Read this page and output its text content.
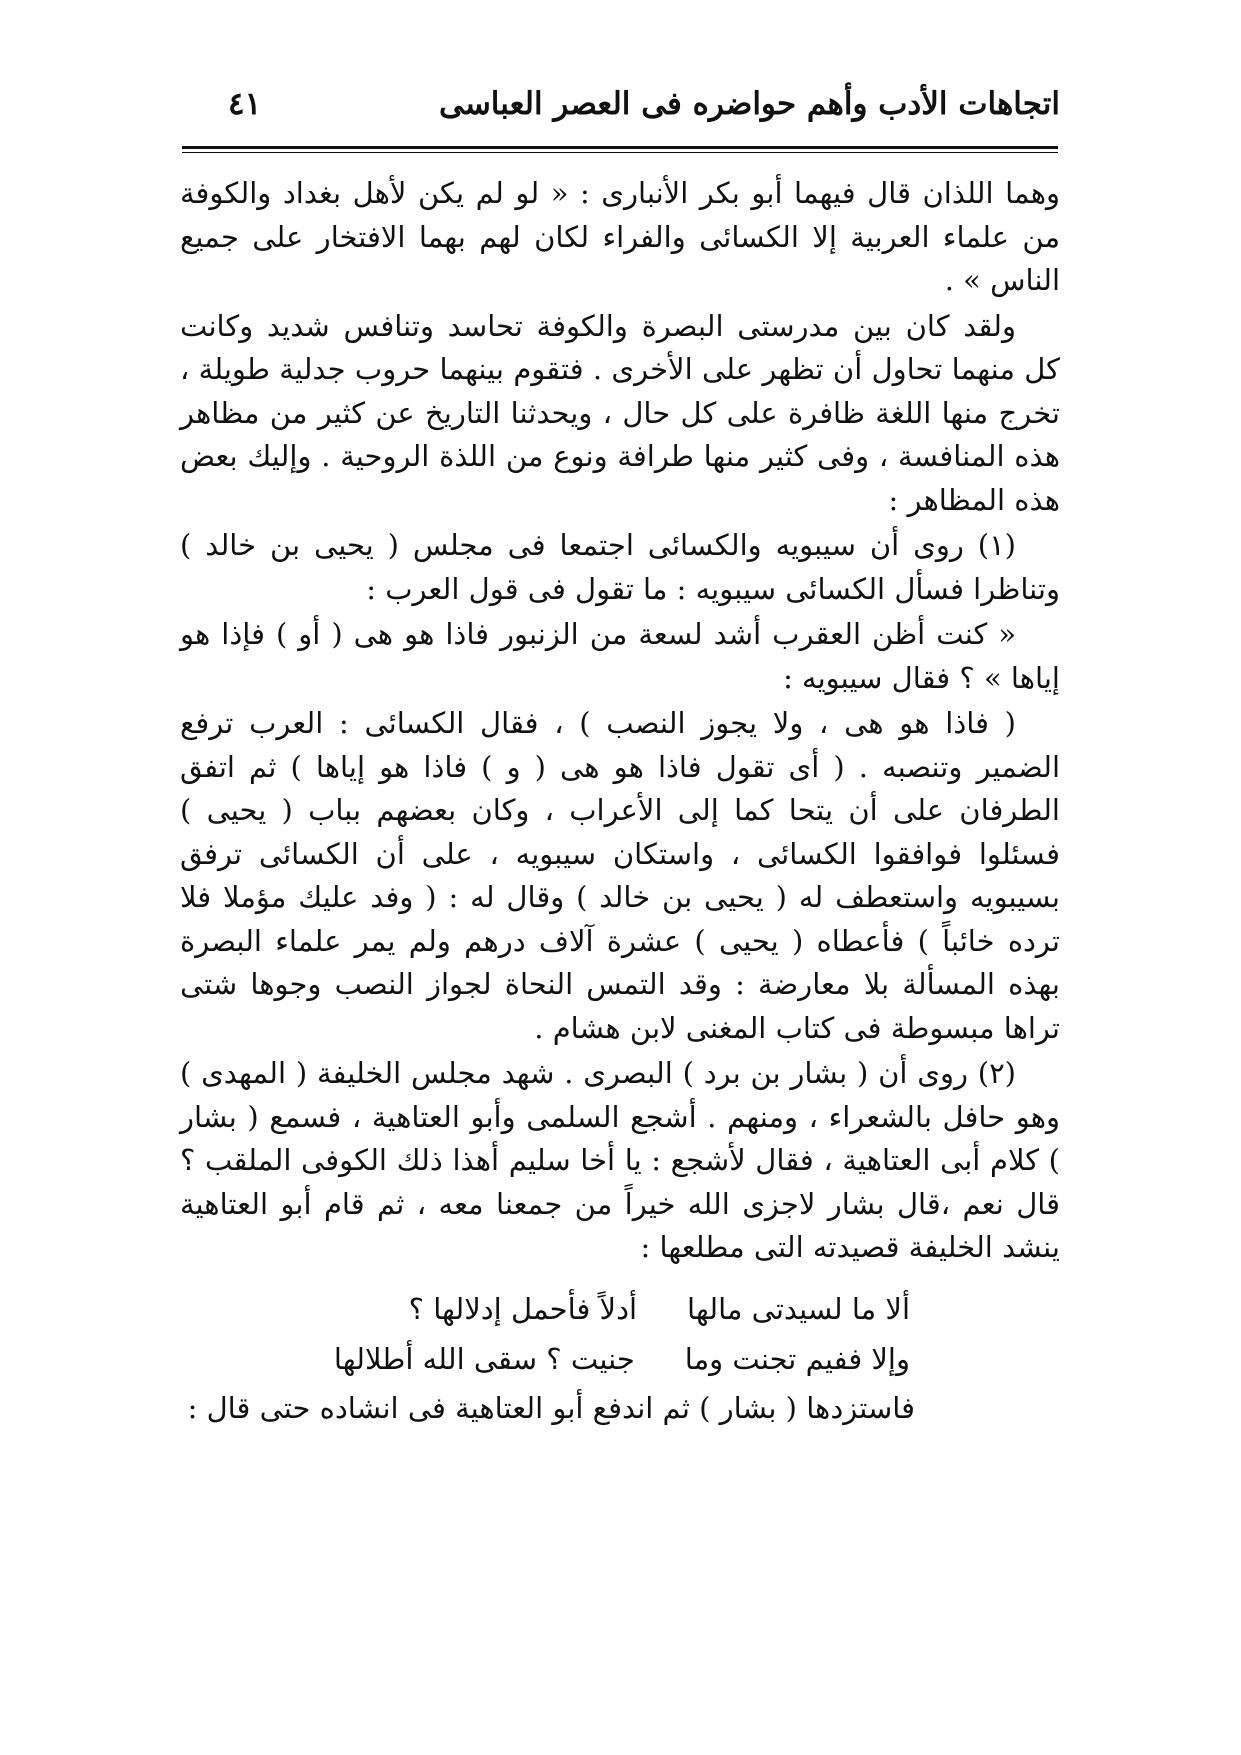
اتجاهات الأدب وأهم حواضره فى العصر العباسى
٤١

وهما اللذان قال فيهما أبو بكر الأنبارى : « لو لم يكن لأهل بغداد والكوفة من علماء العربية إلا الكسائى والفراء لكان لهم بهما الافتخار على جميع الناس » .

ولقد كان بين مدرستى البصرة والكوفة تحاسد وتنافس شديد وكانت كل منهما تحاول أن تظهر على الأخرى . فتقوم بينهما حروب جدلية طويلة ، تخرج منها اللغة ظافرة على كل حال ، ويحدثنا التاريخ عن كثير من مظاهر هذه المنافسة ، وفى كثير منها طرافة ونوع من اللذة الروحية . وإليك بعض هذه المظاهر :

(١) روى أن سيبويه والكسائى اجتمعا فى مجلس ( يحيى بن خالد ) وتناظرا فسأل الكسائى سيبويه : ما تقول فى قول العرب :

« كنت أظن العقرب أشد لسعة من الزنبور فاذا هو هى ( أو ) فإذا هو إياها » ؟ فقال سيبويه :

( فاذا هو هى ، ولا يجوز النصب ) ، فقال الكسائى : العرب ترفع الضمير وتنصبه . ( أى تقول فاذا هو هى ( و ) فاذا هو إياها ) ثم اتفق الطرفان على أن يتحا كما إلى الأعراب ، وكان بعضهم بباب ( يحيى ) فسئلوا فوافقوا الكسائى ، واستكان سيبويه ، على أن الكسائى ترفق بسيبويه واستعطف له ( يحيى بن خالد ) وقال له : ( وفد عليك مؤملا فلا ترده خائباً ) فأعطاه ( يحيى ) عشرة آلاف درهم ولم يمر علماء البصرة بهذه المسألة بلا معارضة : وقد التمس النحاة لجواز النصب وجوها شتى تراها مبسوطة فى كتاب المغنى لابن هشام .

(٢) روى أن ( بشار بن برد ) البصرى . شهد مجلس الخليفة ( المهدى ) وهو حافل بالشعراء ، ومنهم . أشجع السلمى وأبو العتاهية ، فسمع ( بشار ) كلام أبى العتاهية ، فقال لأشجع : يا أخا سليم أهذا ذلك الكوفى الملقب ؟ قال نعم ،قال بشار لاجزى الله خيراً من جمعنا معه ، ثم قام أبو العتاهية ينشد الخليفة قصيدته التى مطلعها :

ألا ما لسيدتى مالها
أدلاً فأحمل إدلالها ؟
وإلا ففيم تجنت وما
جنيت ؟ سقى الله أطلالها
فاستزدها ( بشار ) ثم اندفع أبو العتاهية فى انشاده حتى قال :
